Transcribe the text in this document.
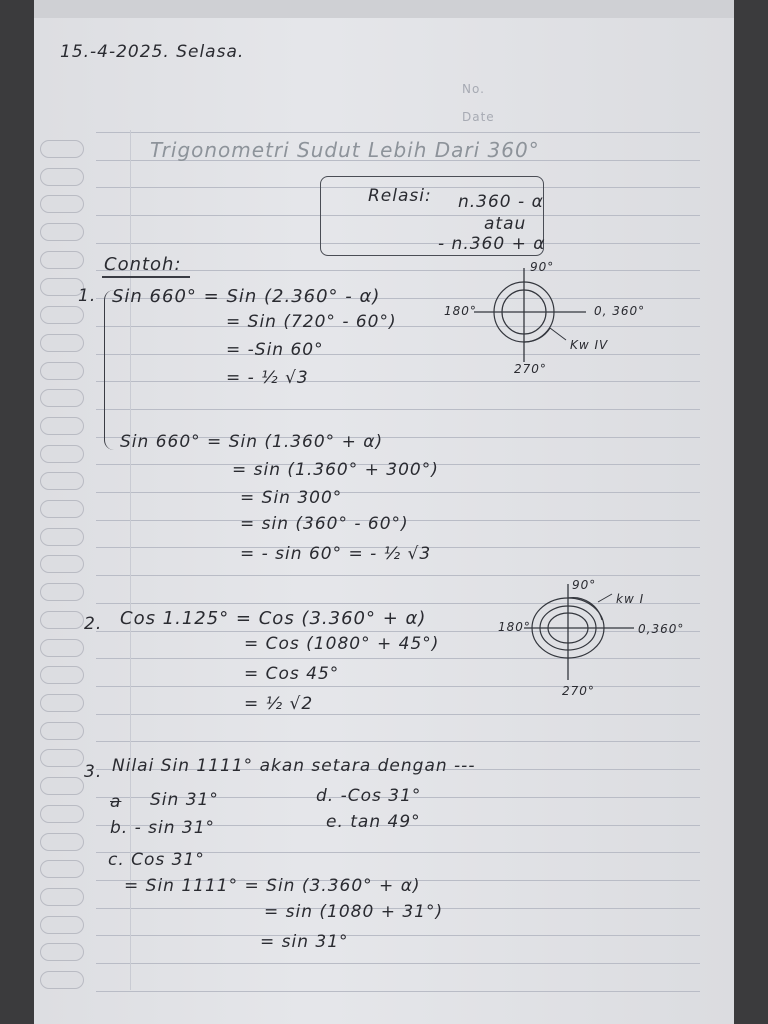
15.-4-2025. Selasa.
No.
Date
Trigonometri Sudut Lebih Dari 360°
Relasi: n.360 - α
atau
- n.360 + α
Contoh:
1. Sin 660° = Sin (2.360° - α)
= Sin (720° - 60°)
= -Sin 60°
= - ½ √3
Sin 660° = Sin (1.360° + α)
= sin (1.360° + 300°)
= Sin 300°
= sin (360° - 60°)
= - sin 60° = - ½ √3
90°
180°	0, 360°
270°
Kw IV
2. Cos 1.125° = Cos (3.360° + α)
= Cos (1080° + 45°)
= Cos 45°
= ½ √2
90°
180°	0,360°
270°
kw I
3. Nilai Sin 1111° akan setara dengan ---
a Sin 31°
b. - sin 31°
c. Cos 31°
d. -Cos 31°
e. tan 49°
= Sin 1111° = Sin (3.360° + α)
= sin (1080 + 31°)
= sin 31°
